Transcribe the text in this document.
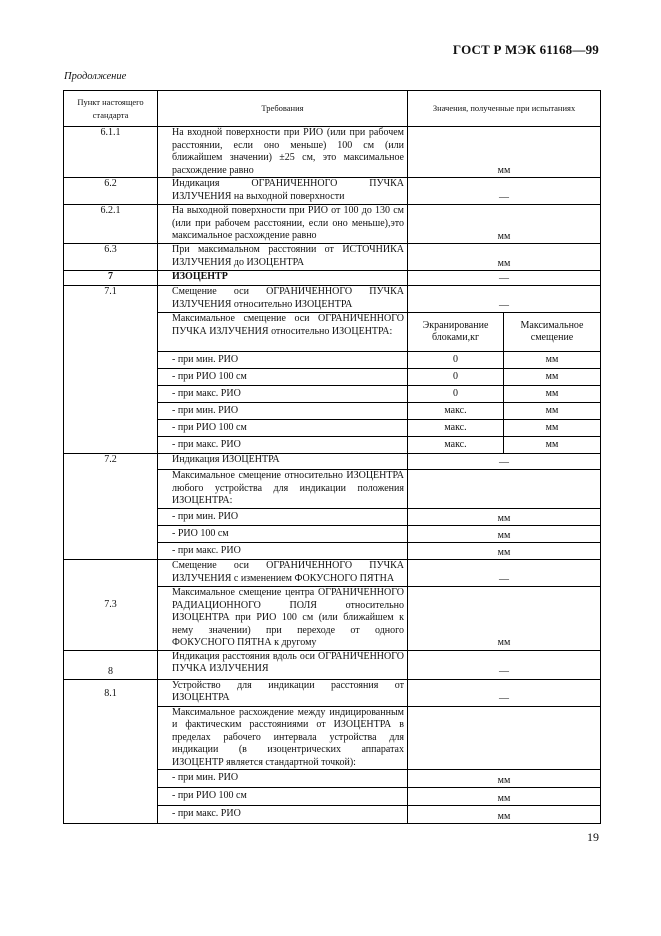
ГОСТ Р МЭК 61168—99
Продолжение
Пункт настоящего стандарта	Требования	Значения, полученные при испытаниях	
6.1.1	На входной поверхности при РИО (или при рабочем расстоянии, если оно меньше) 100 см (или ближайшем значении) ±25 см, это максимальное расхождение равно	мм	
6.2	Индикация ОГРАНИЧЕННОГО ПУЧКА ИЗЛУЧЕНИЯ на выходной поверхности	—	
6.2.1	На выходной поверхности при РИО от 100 до 130 см (или при рабочем расстоянии, если оно меньше),это максимальное расхождение равно	мм	
6.3	При максимальном расстоянии от ИСТОЧНИКА ИЗЛУЧЕНИЯ до ИЗОЦЕНТРА	мм	
7	ИЗОЦЕНТР	—	
7.1	Смещение оси ОГРАНИЧЕННОГО ПУЧКА ИЗЛУЧЕНИЯ относительно ИЗОЦЕНТРА	—	
	Максимальное смещение оси ОГРАНИЧЕННОГО ПУЧКА ИЗЛУЧЕНИЯ относительно ИЗОЦЕНТРА:	Экранирование блоками,кг	Максимальное смещение
	- при мин. РИО	0	мм
	- при РИО 100 см	0	мм
	- при макс. РИО	0	мм
	- при мин. РИО	макс.	мм
	- при РИО 100 см	макс.	мм
	- при макс. РИО	макс.	мм
7.2	Индикация ИЗОЦЕНТРА	—	
	Максимальное смещение относительно ИЗОЦЕНТРА любого устройства для индикации положения ИЗОЦЕНТРА:		
	- при мин. РИО	мм	
	- РИО 100 см	мм	
	- при макс. РИО	мм	
7.3	Смещение оси ОГРАНИЧЕННОГО ПУЧКА ИЗЛУЧЕНИЯ с изменением ФОКУСНОГО ПЯТНА	—	
	Максимальное смещение центра ОГРАНИЧЕННОГО РАДИАЦИОННОГО ПОЛЯ относительно ИЗОЦЕНТРА при РИО 100 см (или ближайшем к нему значении) при переходе от одного ФОКУСНОГО ПЯТНА к другому	мм	
8	Индикация расстояния вдоль оси ОГРАНИЧЕННОГО ПУЧКА ИЗЛУЧЕНИЯ	—	
8.1	Устройство для индикации расстояния от ИЗОЦЕНТРА	—	
	Максимальное расхождение между индицированным и фактическим расстояниями от ИЗОЦЕНТРА в пределах рабочего интервала устройства для индикации (в изоцентрических аппаратах ИЗОЦЕНТР является стандартной точкой):		
	- при мин. РИО	мм	
	- при РИО 100 см	мм	
	- при макс. РИО	мм	
19
